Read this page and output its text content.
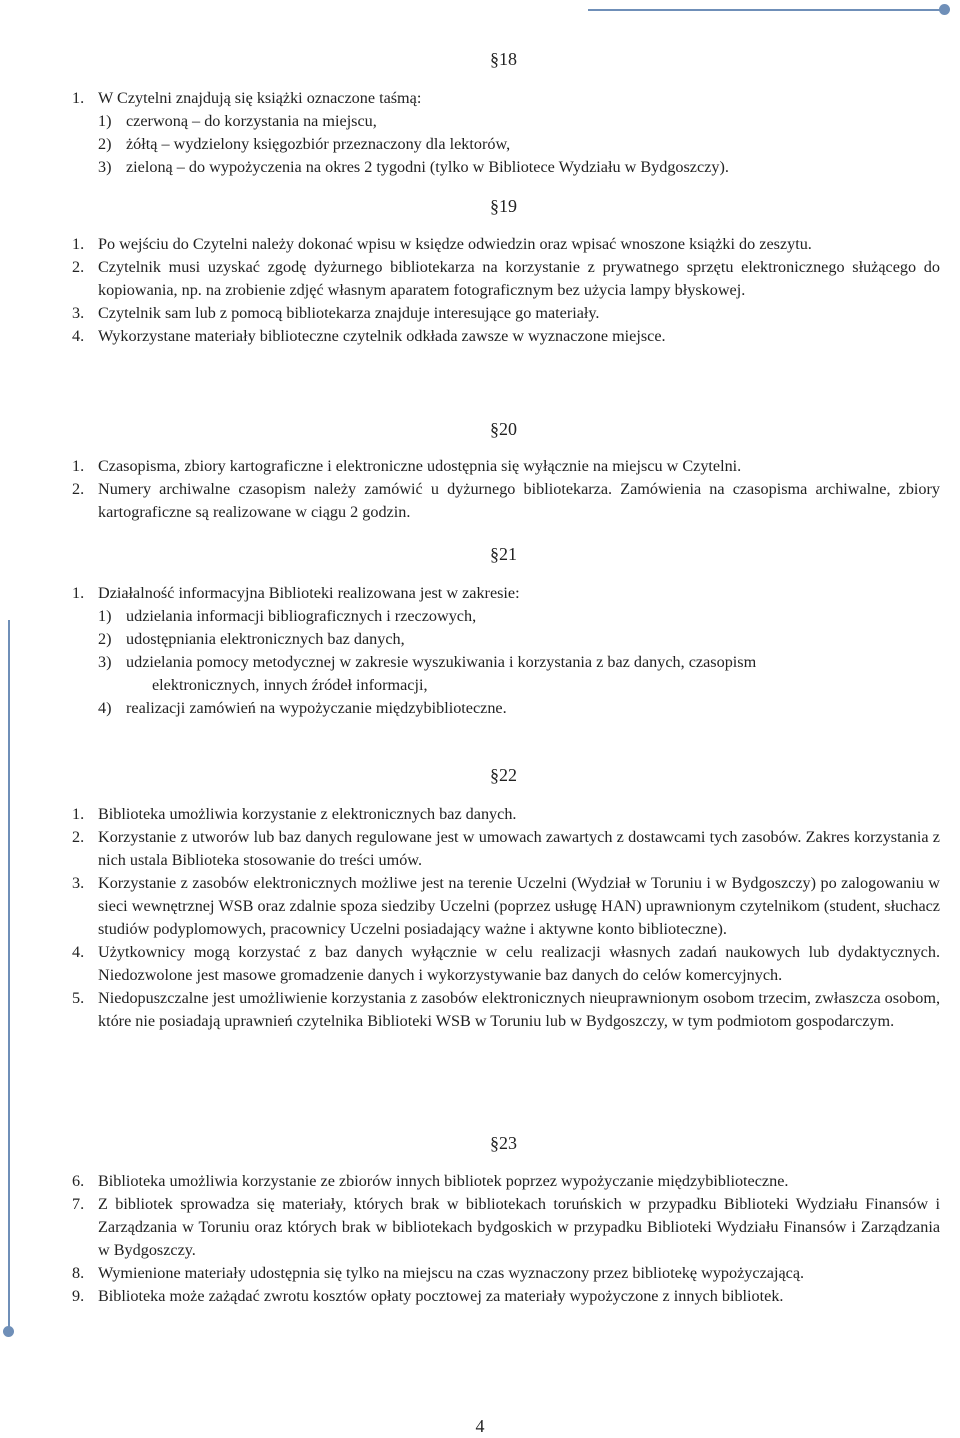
§18
1. W Czytelni znajdują się książki oznaczone taśmą:
1) czerwoną – do korzystania na miejscu,
2) żółtą – wydzielony księgozbiór przeznaczony dla lektorów,
3) zieloną – do wypożyczenia na okres 2 tygodni (tylko w Bibliotece Wydziału w Bydgoszczy).
§19
1. Po wejściu do Czytelni należy dokonać wpisu w księdze odwiedzin oraz wpisać wnoszone książki do zeszytu.
2. Czytelnik musi uzyskać zgodę dyżurnego bibliotekarza na korzystanie z prywatnego sprzętu elektronicznego służącego do kopiowania, np. na zrobienie zdjęć własnym aparatem fotograficznym bez użycia lampy błyskowej.
3. Czytelnik sam lub z pomocą bibliotekarza znajduje interesujące go materiały.
4. Wykorzystane materiały biblioteczne czytelnik odkłada zawsze w wyznaczone miejsce.
§20
1. Czasopisma, zbiory kartograficzne i elektroniczne udostępnia się wyłącznie na miejscu w Czytelni.
2. Numery archiwalne czasopism należy zamówić u dyżurnego bibliotekarza. Zamówienia na czasopisma archiwalne, zbiory kartograficzne są realizowane w ciągu 2 godzin.
§21
1. Działalność informacyjna Biblioteki realizowana jest w zakresie:
1) udzielania informacji bibliograficznych i rzeczowych,
2) udostępniania elektronicznych baz danych,
3) udzielania pomocy metodycznej w zakresie wyszukiwania i korzystania z baz danych, czasopism
elektronicznych, innych źródeł informacji,
4) realizacji zamówień na wypożyczanie międzybibliotecznе.
§22
1. Biblioteka umożliwia korzystanie z elektronicznych baz danych.
2. Korzystanie z utworów lub baz danych regulowane jest w umowach zawartych z dostawcami tych zasobów. Zakres korzystania z nich ustala Biblioteka stosowanie do treści umów.
3. Korzystanie z zasobów elektronicznych możliwe jest na terenie Uczelni (Wydział w Toruniu i w Bydgoszczy) po zalogowaniu w sieci wewnętrznej WSB oraz zdalnie spoza siedziby Uczelni (poprzez usługę HAN) uprawnionym czytelnikom (student, słuchacz studiów podyplomowych, pracownicy Uczelni posiadający ważne i aktywne konto biblioteczne).
4. Użytkownicy mogą korzystać z baz danych wyłącznie w celu realizacji własnych zadań naukowych lub dydaktycznych. Niedozwolone jest masowe gromadzenie danych i wykorzystywanie baz danych do celów komercyjnych.
5. Niedopuszczalne jest umożliwienie korzystania z zasobów elektronicznych nieuprawnionym osobom trzecim, zwłaszcza osobom, które nie posiadają uprawnień czytelnika Biblioteki WSB w Toruniu lub w Bydgoszczy, w tym podmiotom gospodarczym.
§23
6. Biblioteka umożliwia korzystanie ze zbiorów innych bibliotek poprzez wypożyczanie międzybibliotecznе.
7. Z bibliotek sprowadza się materiały, których brak w bibliotekach toruńskich w przypadku Biblioteki Wydziału Finansów i Zarządzania w Toruniu oraz których brak w bibliotekach bydgoskich w przypadku Biblioteki Wydziału Finansów i Zarządzania w Bydgoszczy.
8. Wymienione materiały udostępnia się tylko na miejscu na czas wyznaczony przez bibliotekę wypożyczającą.
9. Biblioteka może zażądać zwrotu kosztów opłaty pocztowej za materiały wypożyczone z innych bibliotek.
4
